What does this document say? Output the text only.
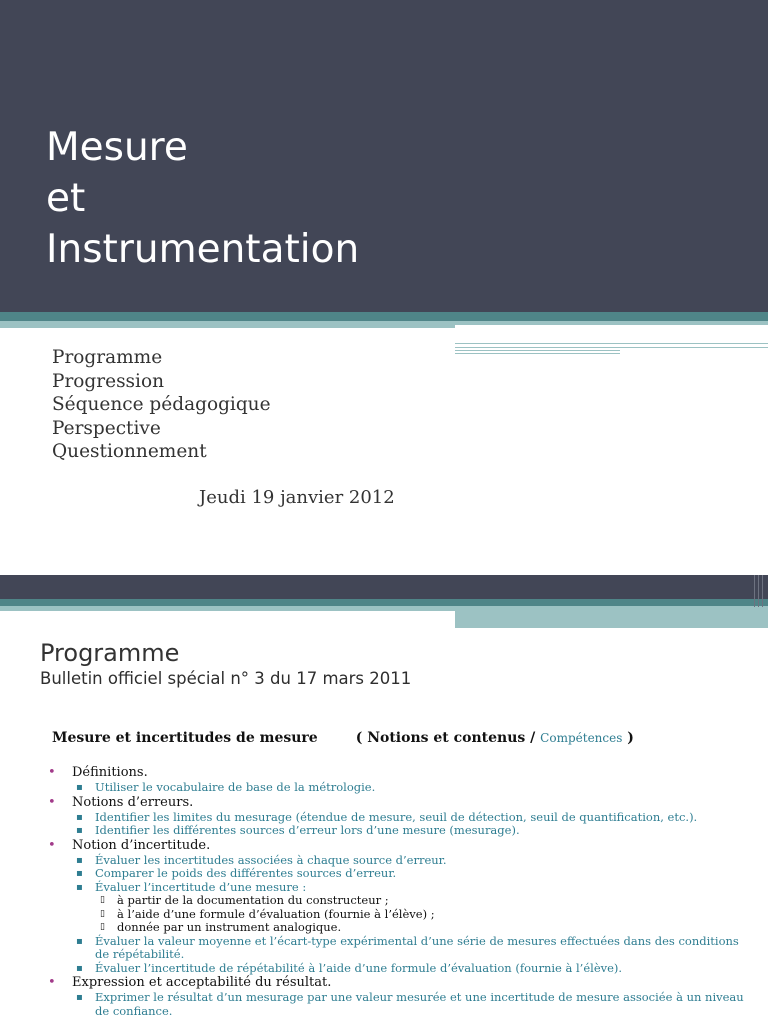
Mesure
et
Instrumentation
Programme
Progression
Séquence pédagogique
Perspective
Questionnement
Jeudi 19 janvier 2012
Programme
Bulletin officiel spécial n° 3 du 17 mars 2011
Mesure et incertitudes de mesure	( Notions et contenus / Compétences )
• Définitions.
▪ Utiliser le vocabulaire de base de la métrologie.
• Notions d’erreurs.
▪ Identifier les limites du mesurage (étendue de mesure, seuil de détection, seuil de quantification, etc.).
▪ Identifier les différentes sources d’erreur lors d’une mesure (mesurage).
• Notion d’incertitude.
▪ Évaluer les incertitudes associées à chaque source d’erreur.
▪ Comparer le poids des différentes sources d’erreur.
▪ Évaluer l’incertitude d’une mesure :
▯ à partir de la documentation du constructeur ;
▯ à l’aide d’une formule d’évaluation (fournie à l’élève) ;
▯ donnée par un instrument analogique.
▪ Évaluer la valeur moyenne et l’écart-type expérimental d’une série de mesures effectuées dans des conditions de répétabilité.
▪ Évaluer l’incertitude de répétabilité à l’aide d’une formule d’évaluation (fournie à l’élève).
• Expression et acceptabilité du résultat.
▪ Exprimer le résultat d’un mesurage par une valeur mesurée et une incertitude de mesure associée à un niveau de confiance.
